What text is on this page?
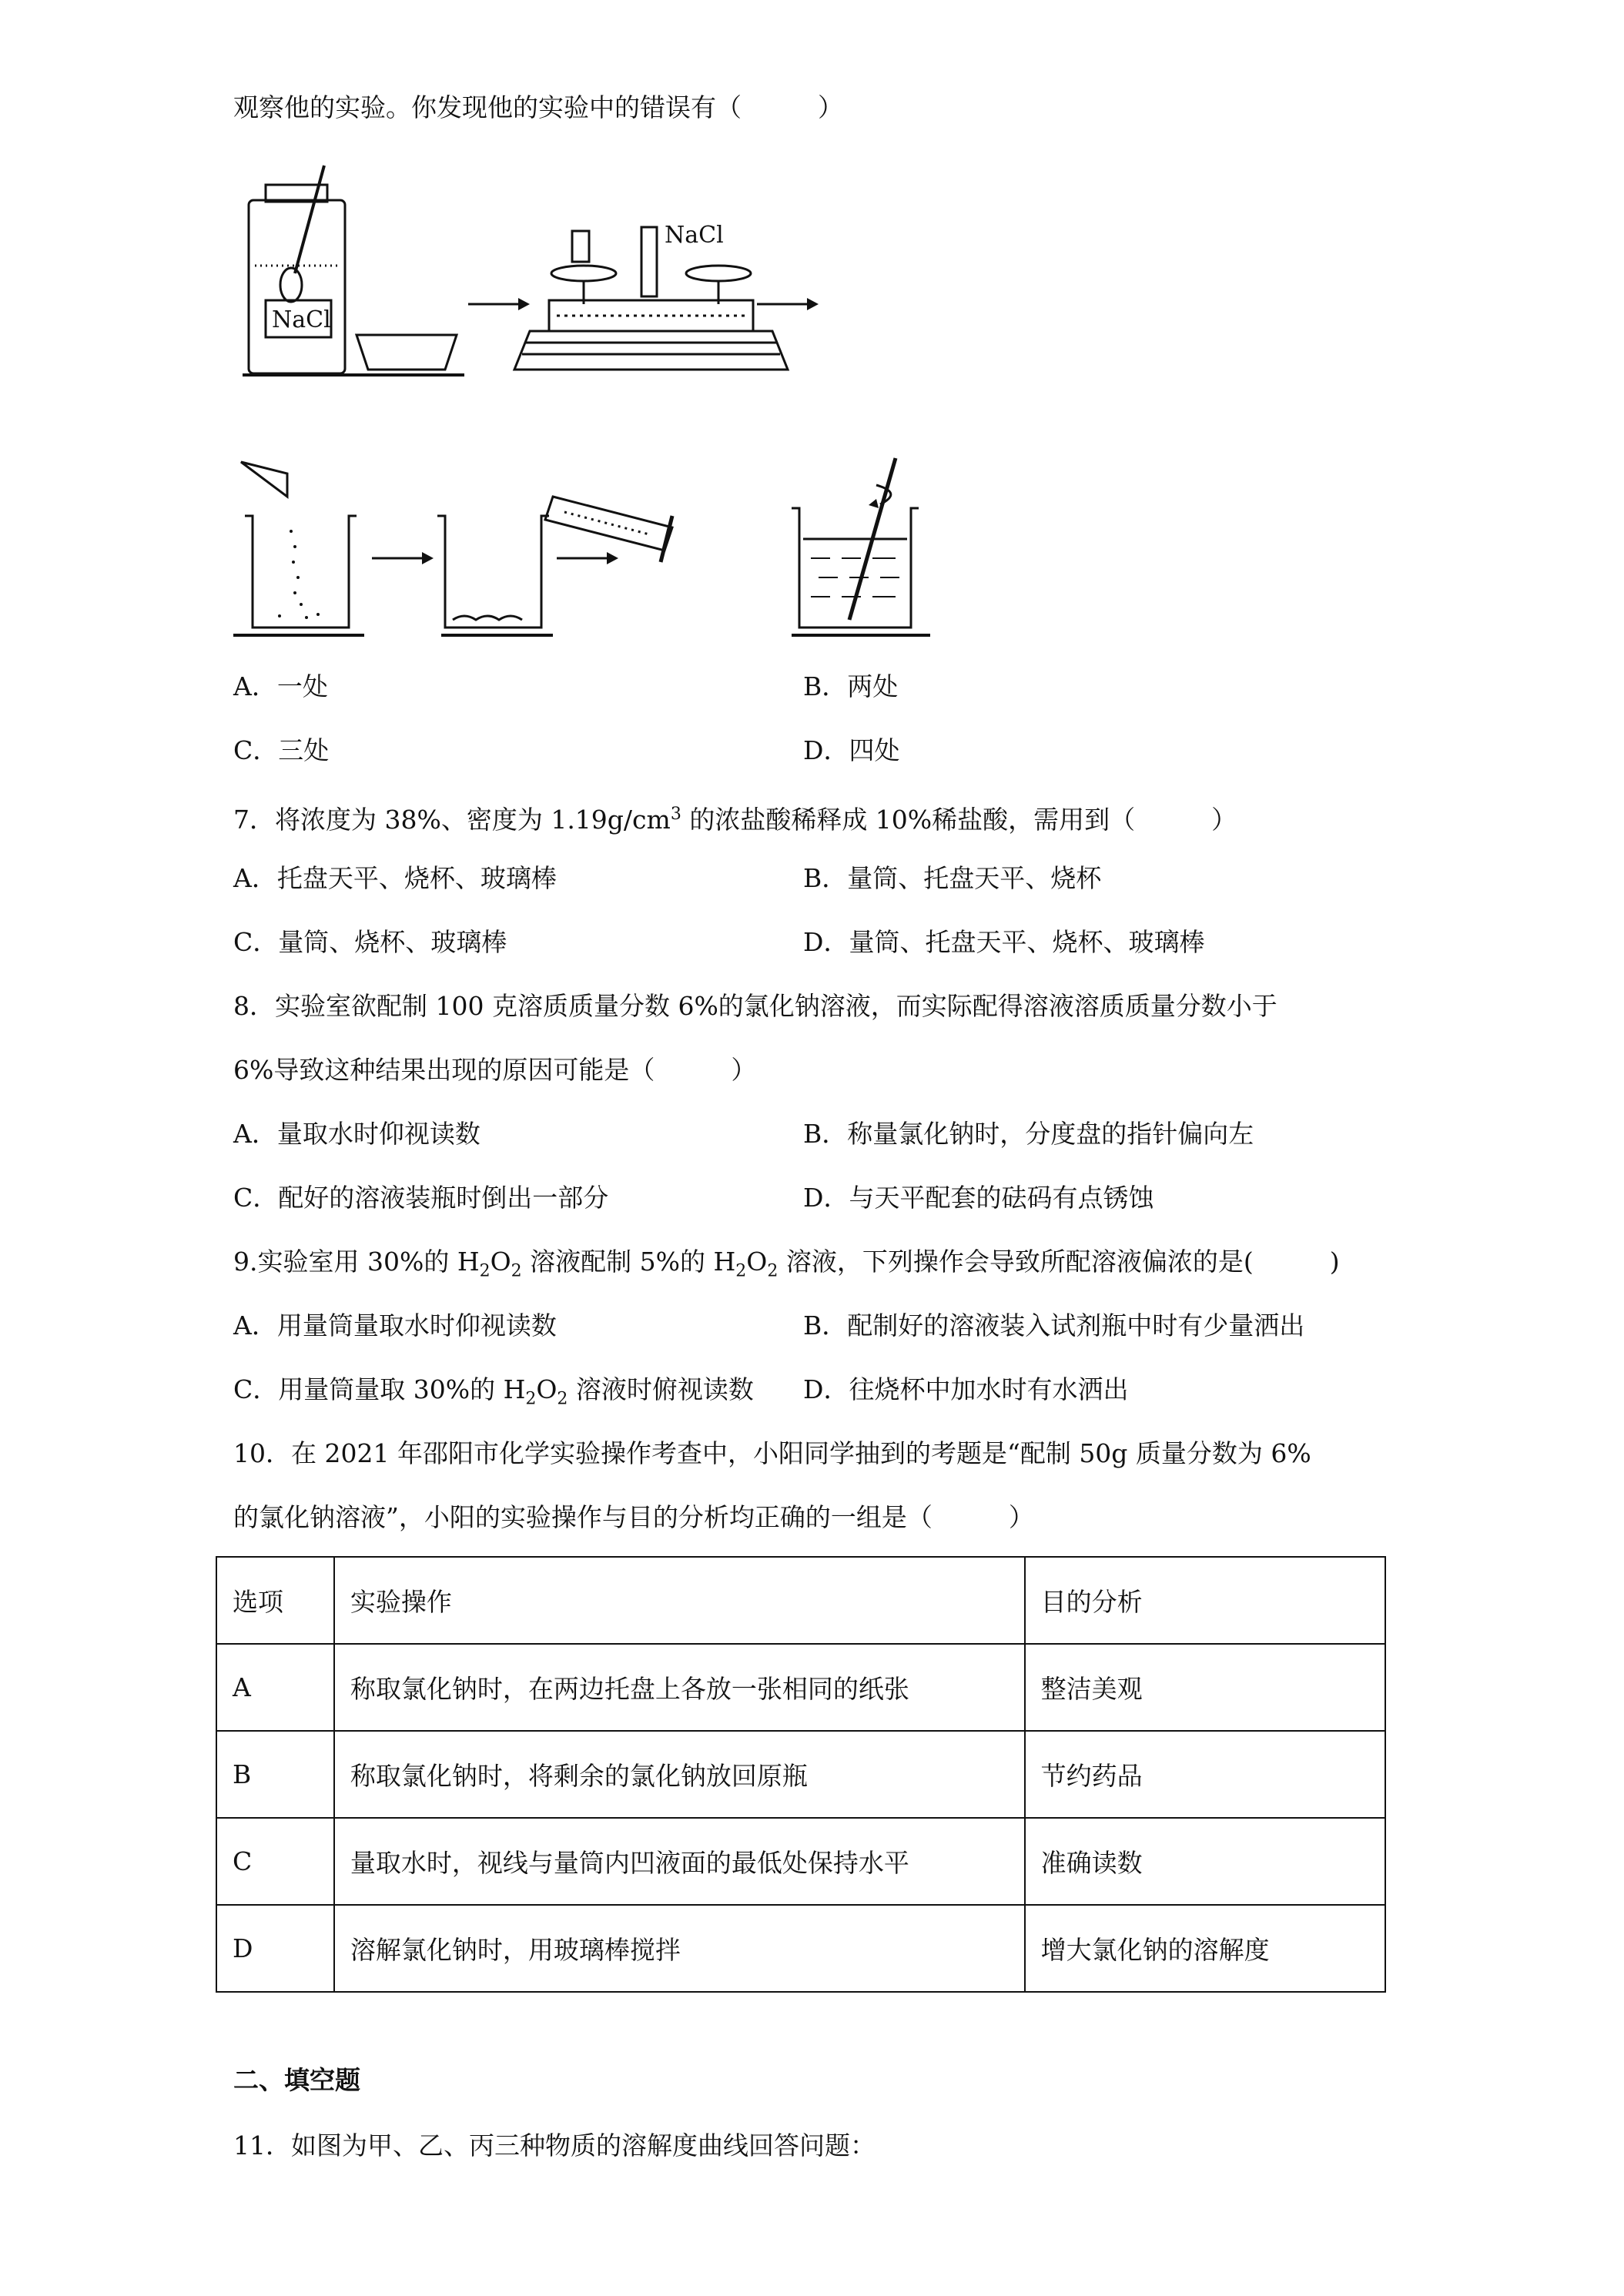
观察他的实验。你发现他的实验中的错误有（　　　）
NaCl
NaCl
A．一处	B．两处
C．三处	D．四处
7．将浓度为 38%、密度为 $1.19g/cm^3$ 的浓盐酸稀释成 10%稀盐酸，需用到（　　　）
A．托盘天平、烧杯、玻璃棒	B．量筒、托盘天平、烧杯
C．量筒、烧杯、玻璃棒	D．量筒、托盘天平、烧杯、玻璃棒
8．实验室欲配制 100 克溶质质量分数 6%的氯化钠溶液，而实际配得溶液溶质质量分数小于
6%导致这种结果出现的原因可能是（　　　）
A．量取水时仰视读数	B．称量氯化钠时，分度盘的指针偏向左
C．配好的溶液装瓶时倒出一部分	D．与天平配套的砝码有点锈蚀
9.实验室用 30%的 $H_2O_2$ 溶液配制 5%的 $H_2O_2$ 溶液，下列操作会导致所配溶液偏浓的是(　　　)
A．用量筒量取水时仰视读数	B．配制好的溶液装入试剂瓶中时有少量洒出
C．用量筒量取 30%的 $H_2O_2$ 溶液时俯视读数 D．往烧杯中加水时有水洒出
10．在 2021 年邵阳市化学实验操作考查中，小阳同学抽到的考题是“配制 50g 质量分数为 6%
的氯化钠溶液”，小阳的实验操作与目的分析均正确的一组是（　　　）
选项	实验操作	目的分析
A	称取氯化钠时，在两边托盘上各放一张相同的纸张	整洁美观
B	称取氯化钠时，将剩余的氯化钠放回原瓶	节约药品
C	量取水时，视线与量筒内凹液面的最低处保持水平	准确读数
D	溶解氯化钠时，用玻璃棒搅拌	增大氯化钠的溶解度
二、填空题
11．如图为甲、乙、丙三种物质的溶解度曲线回答问题：
